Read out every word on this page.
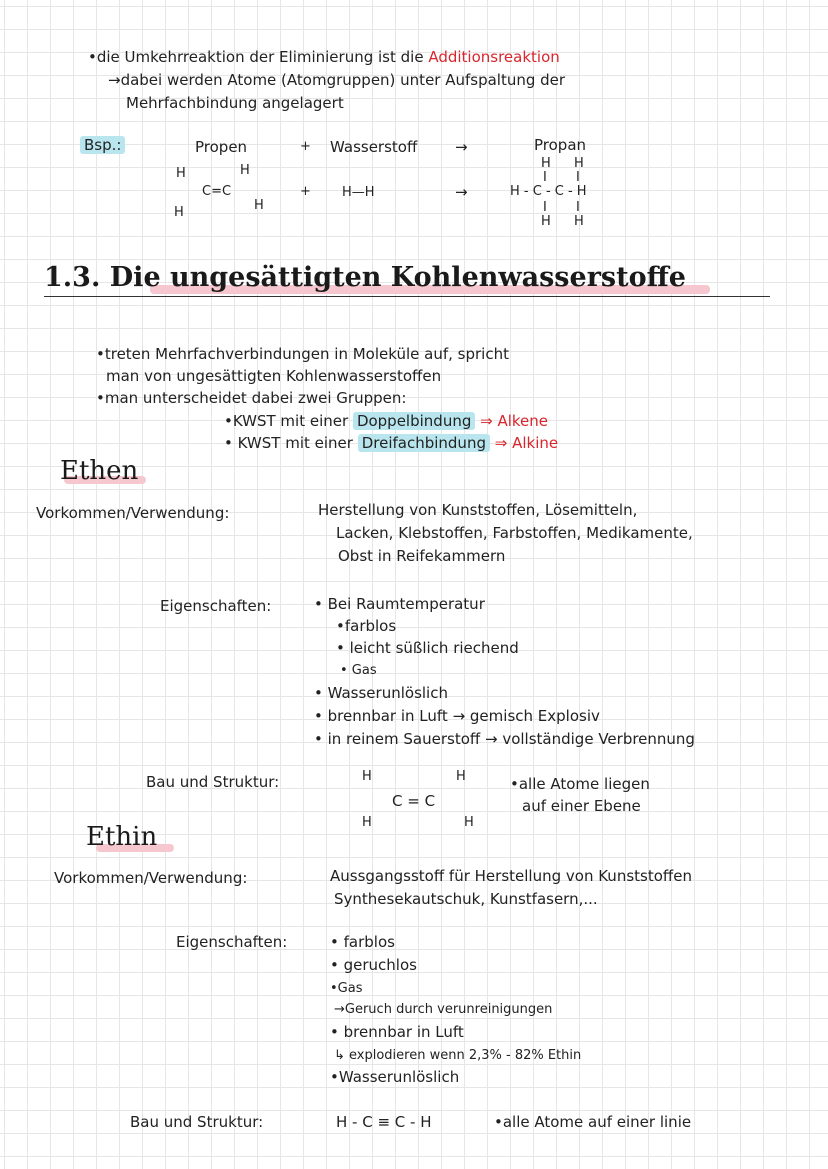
•die Umkehrreaktion der Eliminierung ist die Additionsreaktion
→dabei werden Atome (Atomgruppen) unter Aufspaltung der
Mehrfachbindung angelagert
Bsp.:	Propen	+ Wasserstoff	→	Propan
H	H
C=C
H
H
+ H—H	→
H H
I I
H - C - C - H
I I
H H
1.3. Die ungesättigten Kohlenwasserstoffe
•treten Mehrfachverbindungen in Moleküle auf, spricht
man von ungesättigten Kohlenwasserstoffen
•man unterscheidet dabei zwei Gruppen:
•KWST mit einer Doppelbindung ⇒ Alkene
• KWST mit einer Dreifachbindung ⇒ Alkine
Ethen
Vorkommen/Verwendung:	Herstellung von Kunststoffen, Lösemitteln,
Lacken, Klebstoffen, Farbstoffen, Medikamente,
Obst in Reifekammern
Eigenschaften:	• Bei Raumtemperatur
•farblos
• leicht süßlich riechend
• Gas
• Wasserunlöslich
• brennbar in Luft → gemisch Explosiv
• in reinem Sauerstoff → vollständige Verbrennung
Bau und Struktur:	H	H
C = C
H	H
•alle Atome liegen
auf einer Ebene
Ethin
Vorkommen/Verwendung:	Aussgangsstoff für Herstellung von Kunststoffen
Synthesekautschuk, Kunstfasern,...
Eigenschaften:	• farblos
• geruchlos
•Gas
→Geruch durch verunreinigungen
• brennbar in Luft
↳ explodieren wenn 2,3% - 82% Ethin
•Wasserunlöslich
Bau und Struktur:	H - C ≡ C - H	•alle Atome auf einer linie
